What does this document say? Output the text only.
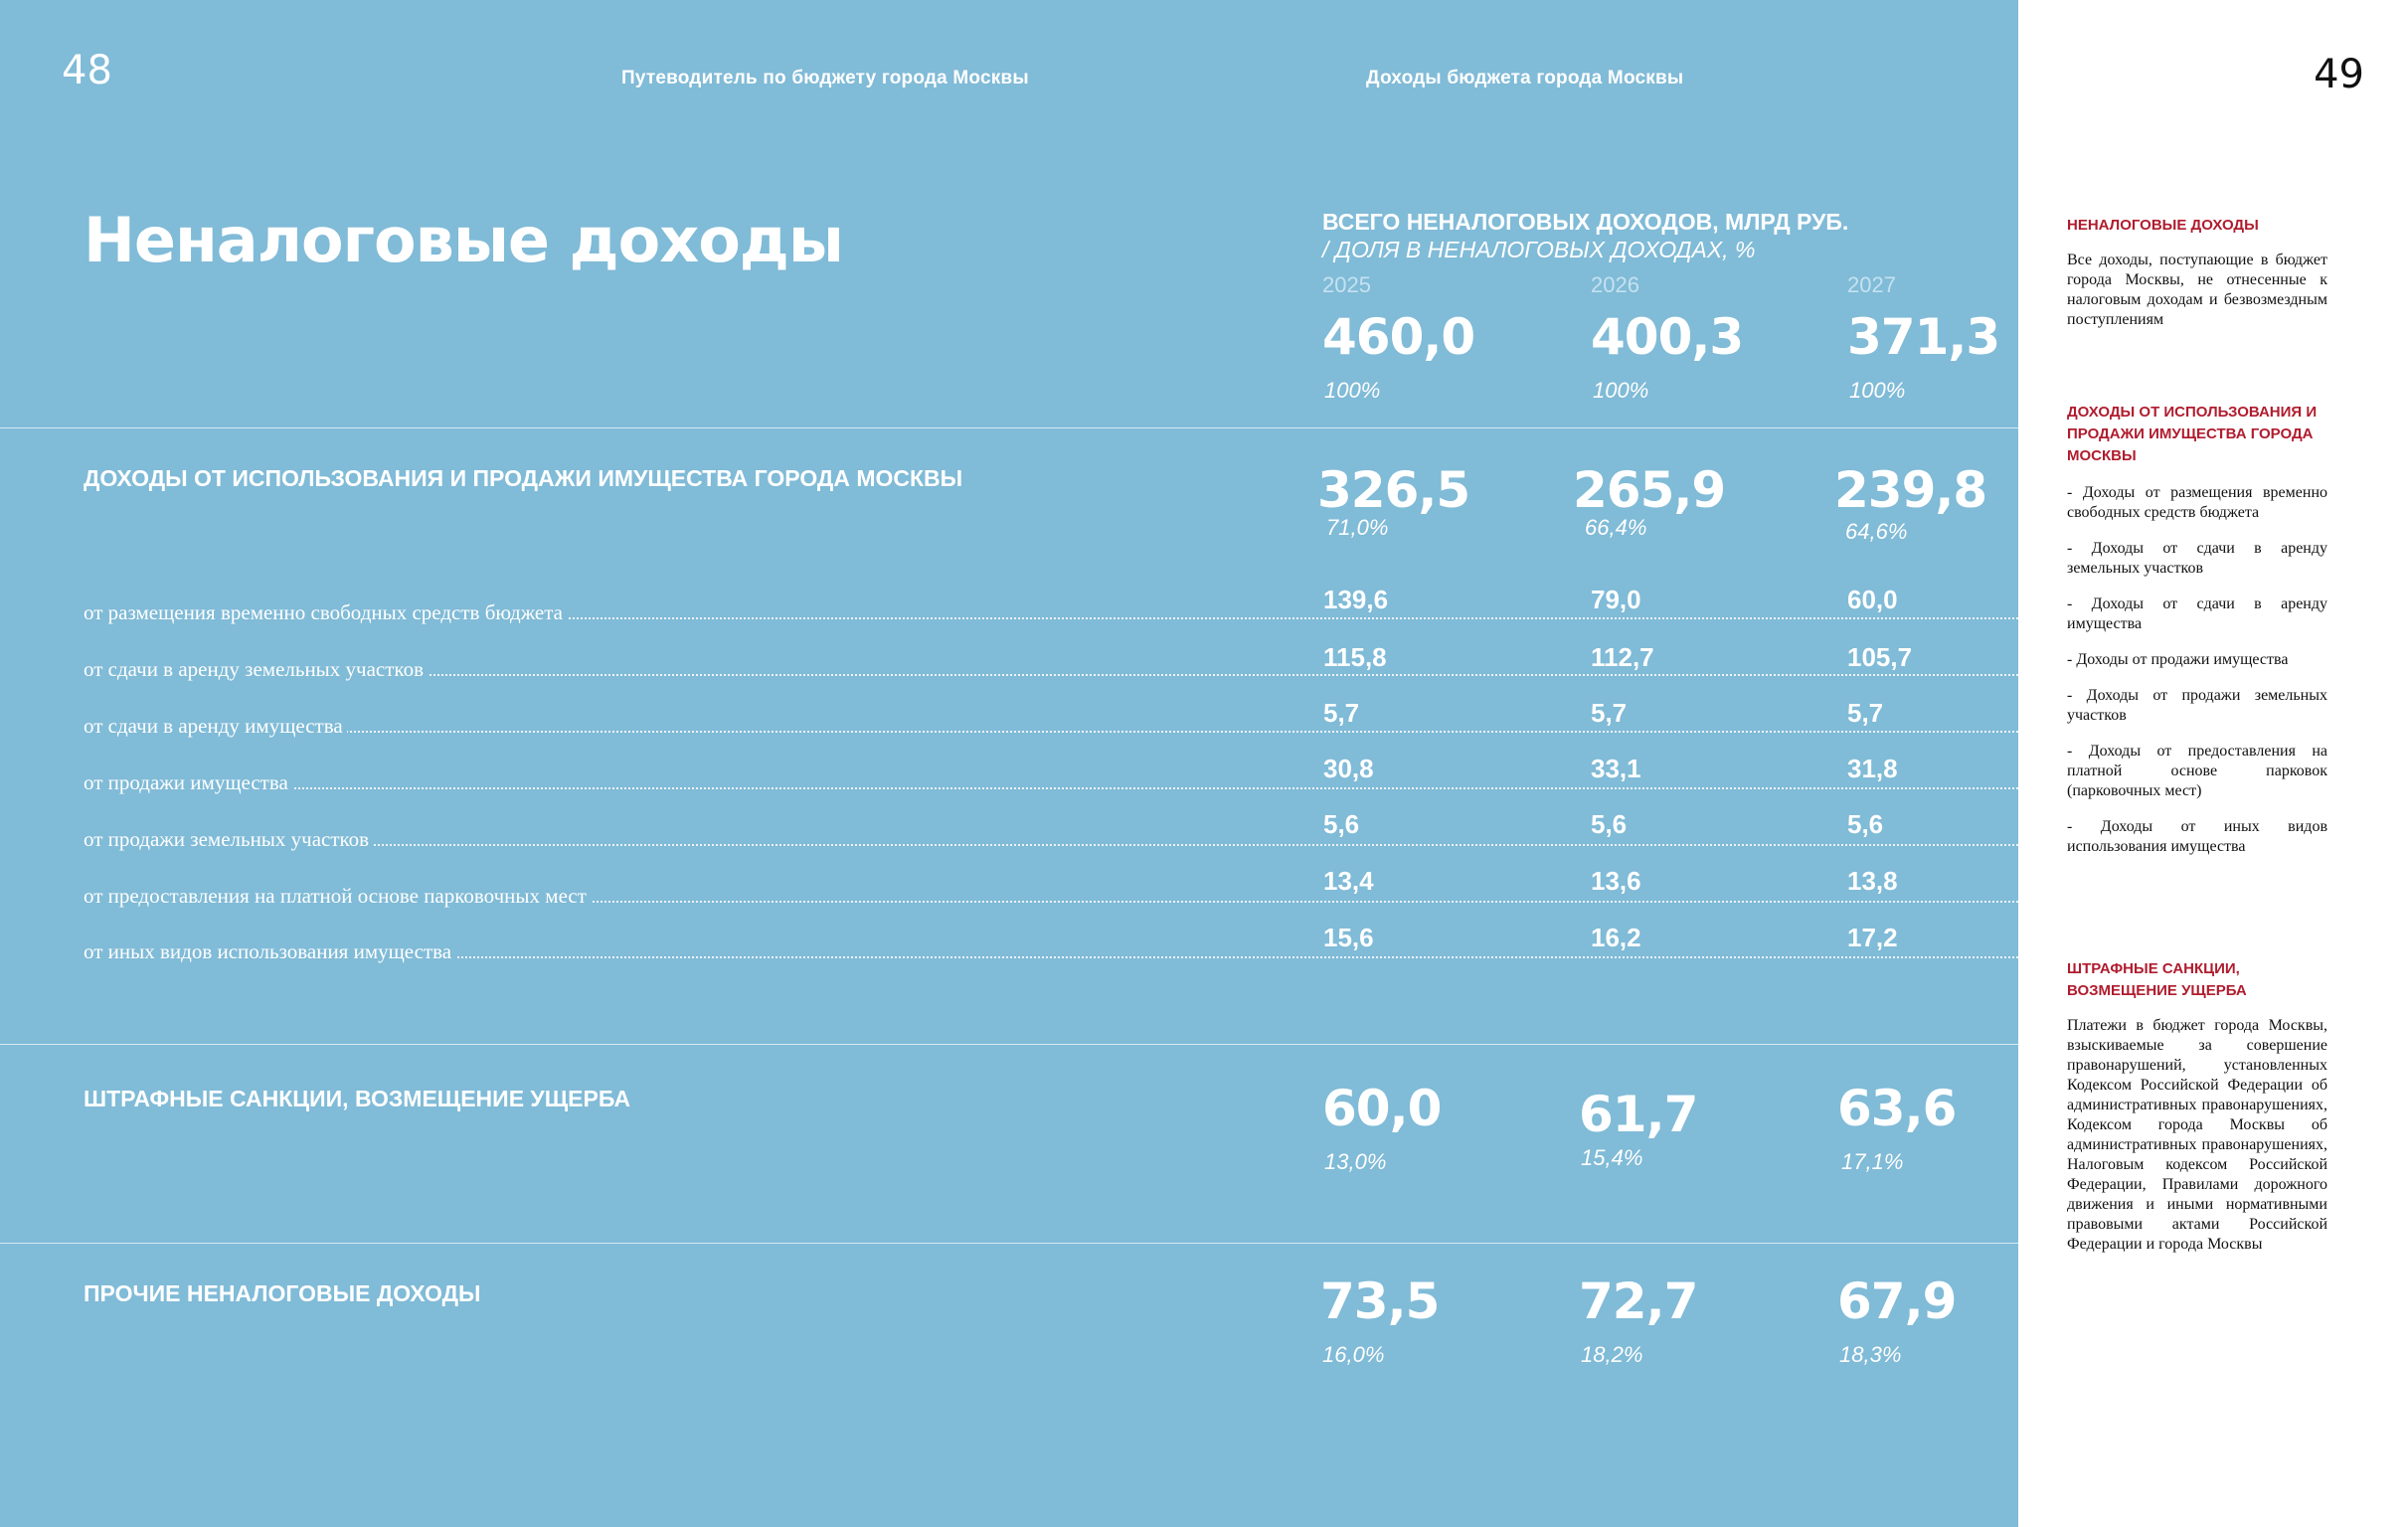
48	Путеводитель по бюджету города Москвы	Доходы бюджета города Москвы
Неналоговые доходы	ВСЕГО НЕНАЛОГОВЫХ ДОХОДОВ, МЛРД РУБ.
/ ДОЛЯ В НЕНАЛОГОВЫХ ДОХОДАХ, %
2025	2026	2027
460,0 400,3 371,3
100%	100%	100%
ДОХОДЫ ОТ ИСПОЛЬЗОВАНИЯ И ПРОДАЖИ ИМУЩЕСТВА ГОРОДА МОСКВЫ	326,5 265,9 239,8
71,0%	66,4%	64,6%
от размещения временно свободных средств бюджета	139,6	79,0	60,0
от сдачи в аренду земельных участков	115,8	112,7	105,7
от сдачи в аренду имущества	5,7	5,7	5,7
от продажи имущества	30,8	33,1	31,8
от продажи земельных участков	5,6	5,6	5,6
от предоставления на платной основе парковочных мест	13,4	13,6	13,8
от иных видов использования имущества	15,6	16,2	17,2
ШТРАФНЫЕ САНКЦИИ, ВОЗМЕЩЕНИЕ УЩЕРБА	60,0	61,7	63,6
13,0%	15,4%	17,1%
ПРОЧИЕ НЕНАЛОГОВЫЕ ДОХОДЫ	73,5	72,7	67,9
16,0%	18,2%	18,3%
49
НЕНАЛОГОВЫЕ ДОХОДЫ
Все доходы, поступающие в бюджет города Москвы, не отнесенные к налоговым доходам и безвозмездным поступлениям
ДОХОДЫ ОТ ИСПОЛЬЗОВАНИЯ И ПРОДАЖИ ИМУЩЕСТВА ГОРОДА МОСКВЫ
- Доходы от размещения временно свободных средств бюджета
- Доходы от сдачи в аренду земельных участков
- Доходы от сдачи в аренду имущества
- Доходы от продажи имущества
- Доходы от продажи земельных участков
- Доходы от предоставления на платной основе парковок (парковочных мест)
- Доходы от иных видов использования имущества
ШТРАФНЫЕ САНКЦИИ, ВОЗМЕЩЕНИЕ УЩЕРБА
Платежи в бюджет города Москвы, взыскиваемые за совершение правонарушений, установленных Кодексом Российской Федерации об административных правонарушениях, Кодексом города Москвы об административных правонарушениях, Налоговым кодексом Российской Федерации, Правилами дорожного движения и иными нормативными правовыми актами Российской Федерации и города Москвы
